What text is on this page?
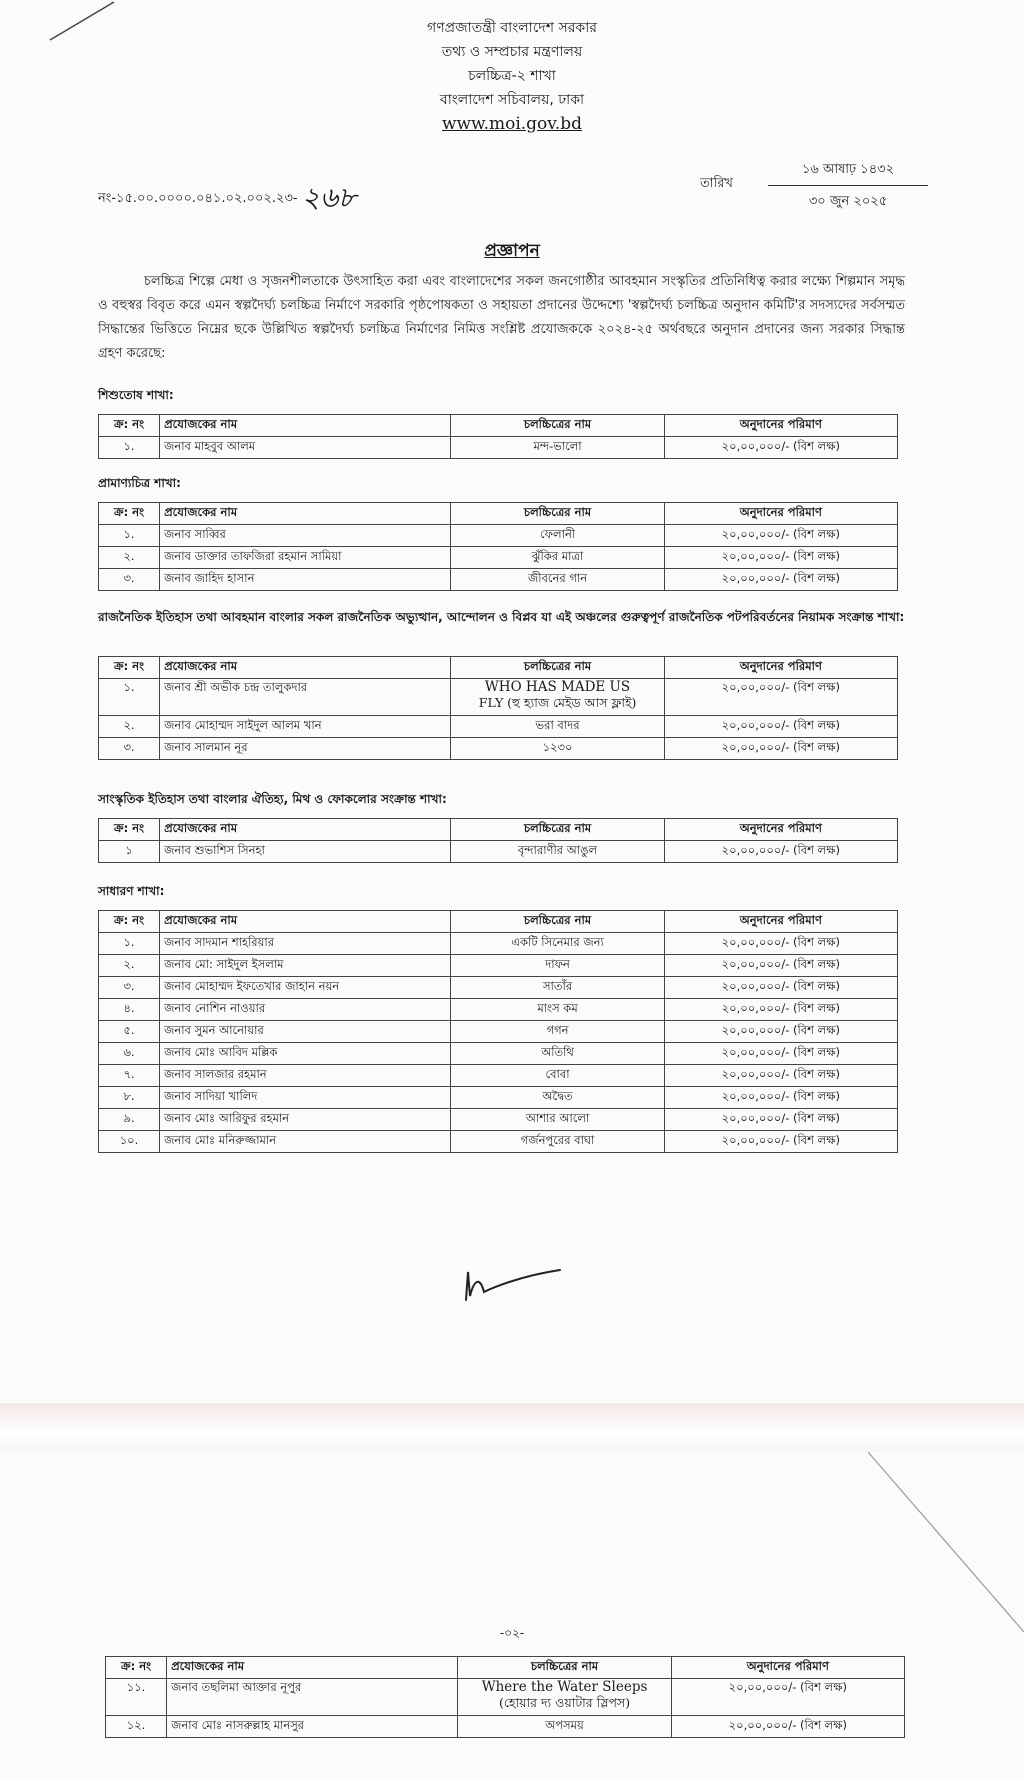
গণপ্রজাতন্ত্রী বাংলাদেশ সরকার
তথ্য ও সম্প্রচার মন্ত্রণালয়
চলচ্চিত্র-২ শাখা
বাংলাদেশ সচিবালয়, ঢাকা
www.moi.gov.bd
নং-১৫.০০.০০০০.০৪১.০২.০০২.২৩- ২৬৮	তারিখ
১৬ আষাঢ় ১৪৩২
৩০ জুন ২০২৫
প্রজ্ঞাপন

চলচ্চিত্র শিল্পে মেধা ও সৃজনশীলতাকে উৎসাহিত করা এবং বাংলাদেশের সকল জনগোষ্ঠীর আবহমান সংস্কৃতির প্রতিনিধিত্ব করার লক্ষ্যে শিল্পমান সমৃদ্ধ ও বহুস্বর বিবৃত করে এমন স্বল্পদৈর্ঘ্য চলচ্চিত্র নির্মাণে সরকারি পৃষ্ঠপোষকতা ও সহায়তা প্রদানের উদ্দেশ্যে 'স্বল্পদৈর্ঘ্য চলচ্চিত্র অনুদান কমিটি'র সদস্যদের সর্বসম্মত সিদ্ধান্তের ভিত্তিতে নিম্নের ছকে উল্লিখিত স্বল্পদৈর্ঘ্য চলচ্চিত্র নির্মাণের নিমিত্ত সংশ্লিষ্ট প্রযোজককে ২০২৪-২৫ অর্থবছরে অনুদান প্রদানের জন্য সরকার সিদ্ধান্ত গ্রহণ করেছে:

শিশুতোষ শাখা:
ক্র: নং	প্রযোজকের নাম	চলচ্চিত্রের নাম	অনুদানের পরিমাণ
১.	জনাব মাহবুব আলম	মন্দ-ভালো	২০,০০,০০০/- (বিশ লক্ষ)
প্রামাণ্যচিত্র শাখা:
ক্র: নং	প্রযোজকের নাম	চলচ্চিত্রের নাম	অনুদানের পরিমাণ
১.	জনাব সাব্বির	ফেলানী	২০,০০,০০০/- (বিশ লক্ষ)
২.	জনাব ডাক্তার তাফজিরা রহমান সামিয়া	ঝুঁকির মাত্রা	২০,০০,০০০/- (বিশ লক্ষ)
৩.	জনাব জাহিদ হাসান	জীবনের গান	২০,০০,০০০/- (বিশ লক্ষ)
রাজনৈতিক ইতিহাস তথা আবহমান বাংলার সকল রাজনৈতিক অভ্যুত্থান, আন্দোলন ও বিপ্লব যা এই অঞ্চলের গুরুত্বপূর্ণ রাজনৈতিক পটপরিবর্তনের নিয়ামক সংক্রান্ত শাখা:
ক্র: নং	প্রযোজকের নাম	চলচ্চিত্রের নাম	অনুদানের পরিমাণ
১.	জনাব শ্রী অভীক চন্দ্র তালুকদার	WHO HAS MADE US
FLY (হু হ্যাজ মেইড আস ফ্লাই)	২০,০০,০০০/- (বিশ লক্ষ)
২.	জনাব মোহাম্মদ সাইদুল আলম খান	ভরা বাদর	২০,০০,০০০/- (বিশ লক্ষ)
৩.	জনাব সালমান নূর	১২৩০	২০,০০,০০০/- (বিশ লক্ষ)
সাংস্কৃতিক ইতিহাস তথা বাংলার ঐতিহ্য, মিথ ও ফোকলোর সংক্রান্ত শাখা:
ক্র: নং	প্রযোজকের নাম	চলচ্চিত্রের নাম	অনুদানের পরিমাণ
১	জনাব শুভাশিস সিনহা	বৃন্দারাণীর আঙুল	২০,০০,০০০/- (বিশ লক্ষ)
সাধারণ শাখা:
ক্র: নং	প্রযোজকের নাম	চলচ্চিত্রের নাম	অনুদানের পরিমাণ
১.	জনাব সাদমান শাহরিয়ার	একটি সিনেমার জন্য	২০,০০,০০০/- (বিশ লক্ষ)
২.	জনাব মো: সাইদুল ইসলাম	দাফন	২০,০০,০০০/- (বিশ লক্ষ)
৩.	জনাব মোহাম্মদ ইফতেখার জাহান নয়ন	সাতাঁর	২০,০০,০০০/- (বিশ লক্ষ)
৪.	জনাব নোশিন নাওয়ার	মাংস কম	২০,০০,০০০/- (বিশ লক্ষ)
৫.	জনাব সুমন আনোয়ার	গগন	২০,০০,০০০/- (বিশ লক্ষ)
৬.	জনাব মোঃ আবিদ মল্লিক	অতিথি	২০,০০,০০০/- (বিশ লক্ষ)
৭.	জনাব সালজার রহমান	বোবা	২০,০০,০০০/- (বিশ লক্ষ)
৮.	জনাব সাদিয়া খালিদ	অদ্বৈত	২০,০০,০০০/- (বিশ লক্ষ)
৯.	জনাব মোঃ আরিফুর রহমান	আশার আলো	২০,০০,০০০/- (বিশ লক্ষ)
১০.	জনাব মোঃ মনিরুজ্জামান	গর্জনপুরের বাঘা	২০,০০,০০০/- (বিশ লক্ষ)
-০২-
ক্র: নং	প্রযোজকের নাম	চলচ্চিত্রের নাম	অনুদানের পরিমাণ
১১.	জনাব তছলিমা আক্তার নূপুর	Where the Water Sleeps
(হোয়ার দ্য ওয়াটার স্লিপস)	২০,০০,০০০/- (বিশ লক্ষ)
১২.	জনাব মোঃ নাসরুল্লাহ মানসুর	অপসময়	২০,০০,০০০/- (বিশ লক্ষ)
